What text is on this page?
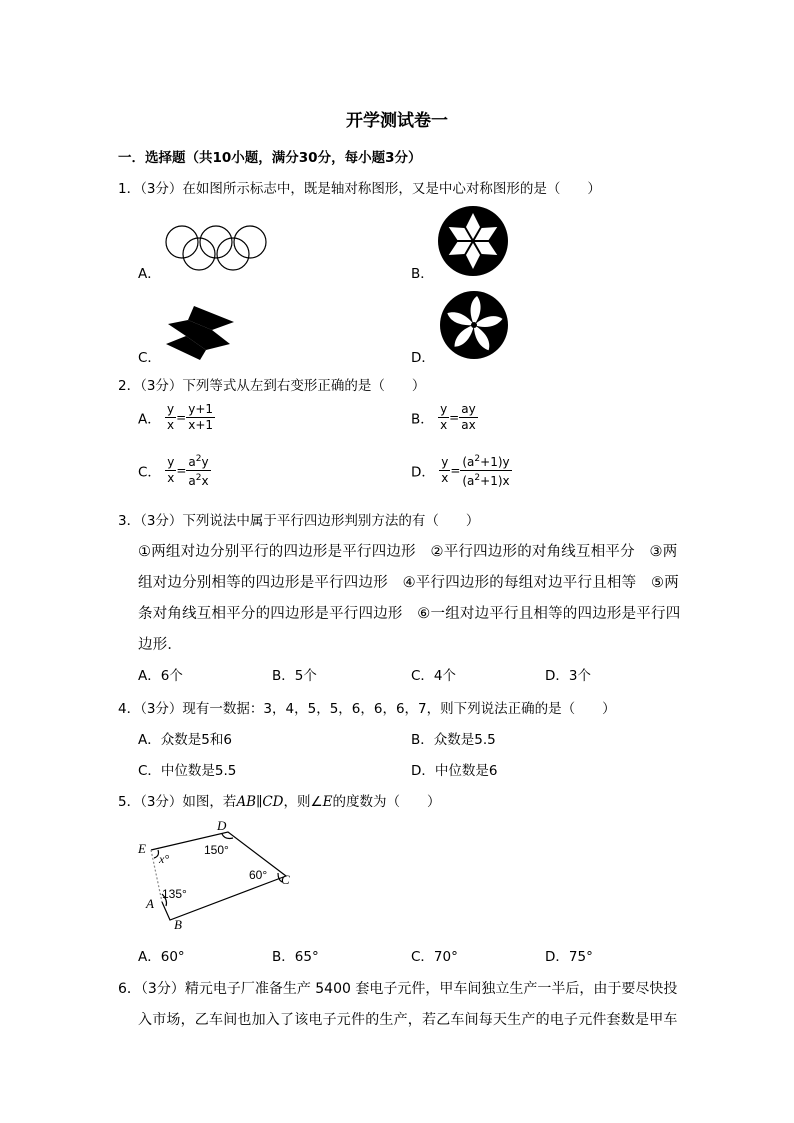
开学测试卷一
一．选择题（共10小题，满分30分，每小题3分）
1．（3分）在如图所示标志中，既是轴对称图形，又是中心对称图形的是（　　）
A．	B．
C．	D．
2．（3分）下列等式从左到右变形正确的是（　　）
A． $\frac{y}{x} = \frac{y+1}{x+1}$	B． $\frac{y}{x} = \frac{ay}{ax}$
C． $\frac{y}{x} = \frac{a^2y}{a^2x}$	D． $\frac{y}{x} = \frac{(a^2+1)y}{(a^2+1)x}$
3．（3分）下列说法中属于平行四边形判别方法的有（　　）
①两组对边分别平行的四边形是平行四边形　②平行四边形的对角线互相平分　③两
组对边分别相等的四边形是平行四边形　④平行四边形的每组对边平行且相等　⑤两
条对角线互相平分的四边形是平行四边形　⑥一组对边平行且相等的四边形是平行四
边形．
A．6个	B．5个	C．4个	D．3个
4．（3分）现有一数据：3，4，5，5，6，6，6，7，则下列说法正确的是（　　）
A．众数是5和6	B．众数是5.5
C．中位数是5.5	D．中位数是6
5．（3分）如图，若AB∥CD，则∠E的度数为（　　）
E
D
C
A
B
x°
150°
60°
135°
A．60°	B．65°	C．70°	D．75°
6．（3分）精元电子厂准备生产 5400 套电子元件，甲车间独立生产一半后，由于要尽快投
入市场，乙车间也加入了该电子元件的生产，若乙车间每天生产的电子元件套数是甲车
